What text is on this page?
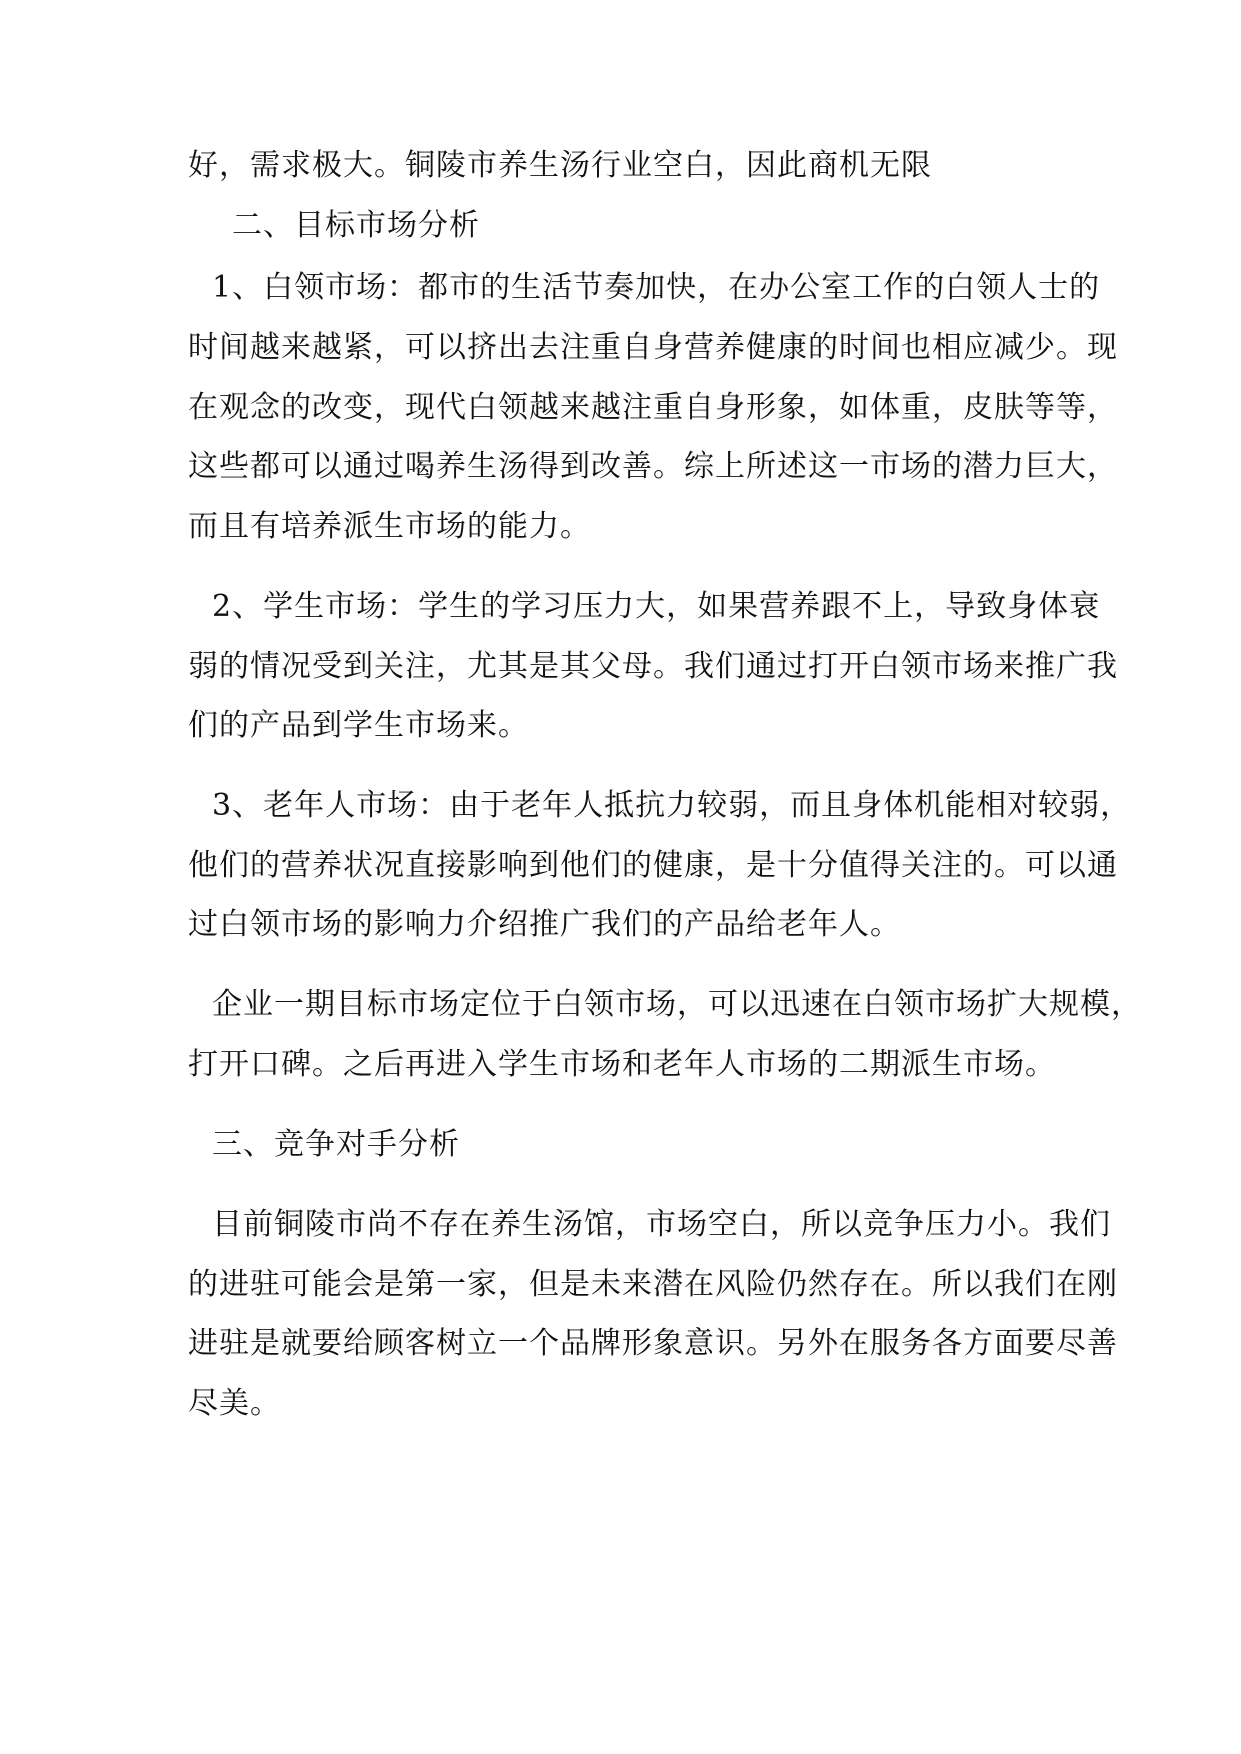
好，需求极大。铜陵市养生汤行业空白，因此商机无限
二、目标市场分析
1、白领市场：都市的生活节奏加快，在办公室工作的白领人士的
时间越来越紧，可以挤出去注重自身营养健康的时间也相应减少。现
在观念的改变，现代白领越来越注重自身形象，如体重，皮肤等等，
这些都可以通过喝养生汤得到改善。综上所述这一市场的潜力巨大，
而且有培养派生市场的能力。
2、学生市场：学生的学习压力大，如果营养跟不上，导致身体衰
弱的情况受到关注，尤其是其父母。我们通过打开白领市场来推广我
们的产品到学生市场来。
3、老年人市场：由于老年人抵抗力较弱，而且身体机能相对较弱，
他们的营养状况直接影响到他们的健康，是十分值得关注的。可以通
过白领市场的影响力介绍推广我们的产品给老年人。
企业一期目标市场定位于白领市场，可以迅速在白领市场扩大规模，
打开口碑。之后再进入学生市场和老年人市场的二期派生市场。
三、竞争对手分析
目前铜陵市尚不存在养生汤馆，市场空白，所以竞争压力小。我们
的进驻可能会是第一家，但是未来潜在风险仍然存在。所以我们在刚
进驻是就要给顾客树立一个品牌形象意识。另外在服务各方面要尽善
尽美。
